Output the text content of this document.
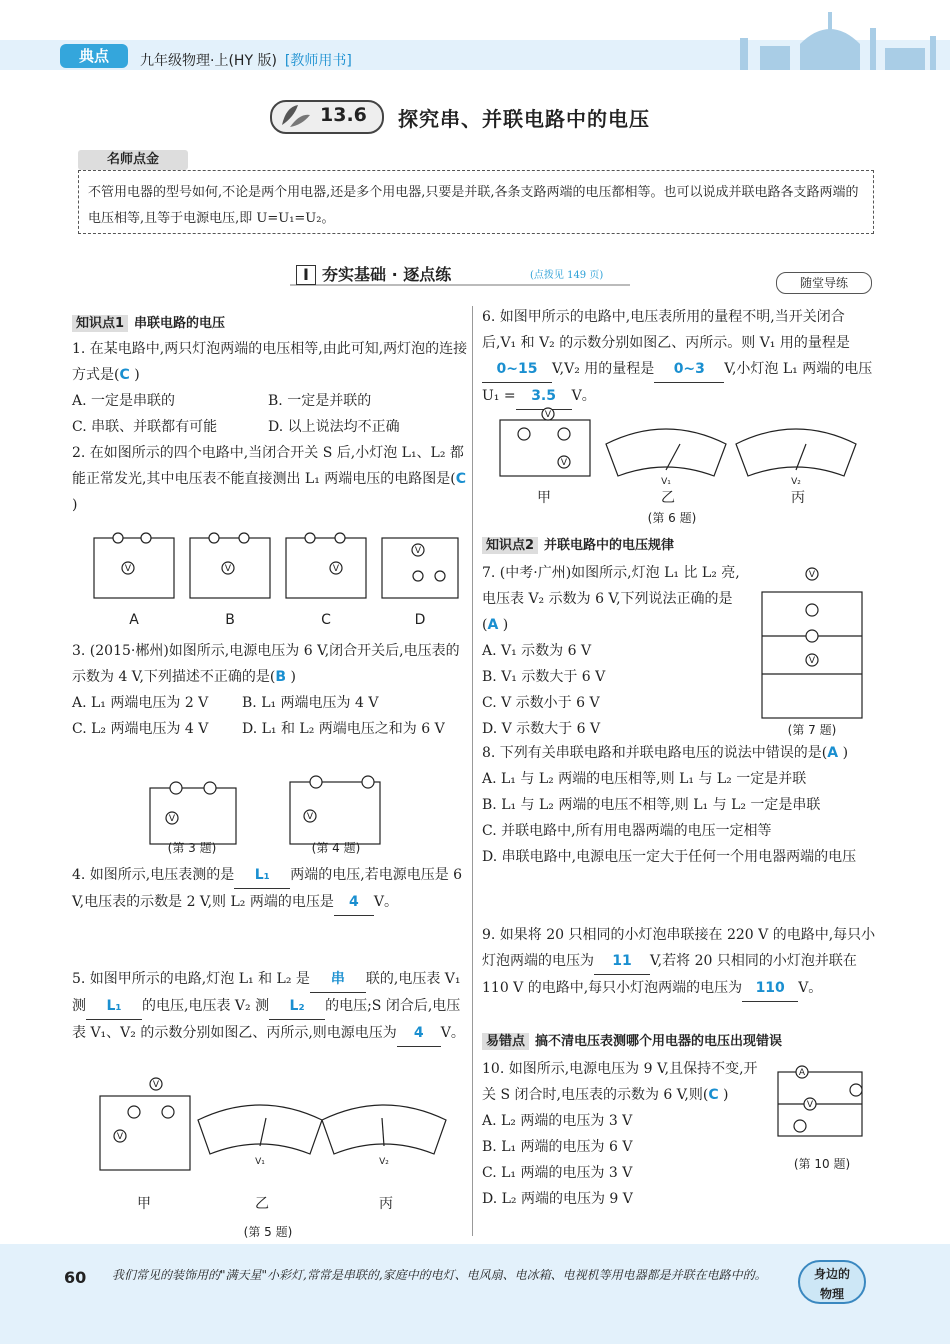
典点	九年级物理·上(HY 版) [教师用书]
13.6 探究串、并联电路中的电压
名师点金
不管用电器的型号如何,不论是两个用电器,还是多个用电器,只要是并联,各条支路两端的电压都相等。也可以说成并联电路各支路两端的电压相等,且等于电源电压,即 U=U₁=U₂。
Ⅰ 夯实基础 · 逐点练	(点拨见 149 页)
随堂导练
知识点1 串联电路的电压
1. 在某电路中,两只灯泡两端的电压相等,由此可知,两灯泡的连接方式是(C )
A. 一定是串联的	B. 一定是并联的
C. 串联、并联都有可能	D. 以上说法均不正确
2. 在如图所示的四个电路中,当闭合开关 S 后,小灯泡 L₁、L₂ 都能正常发光,其中电压表不能直接测出 L₁ 两端电压的电路图是(C )
V	V	V
V
A	B	C	D
3. (2015·郴州)如图所示,电源电压为 6 V,闭合开关后,电压表的示数为 4 V,下列描述不正确的是(B )
A. L₁ 两端电压为 2 V	B. L₁ 两端电压为 4 V
C. L₂ 两端电压为 4 V	D. L₁ 和 L₂ 两端电压之和为 6 V
V	V
(第 3 题)	(第 4 题)
4. 如图所示,电压表测的是 L₁ 两端的电压,若电源电压是 6 V,电压表的示数是 2 V,则 L₂ 两端的电压是 4 V。
5. 如图甲所示的电路,灯泡 L₁ 和 L₂ 是 串 联的,电压表 V₁ 测 L₁ 的电压,电压表 V₂ 测 L₂ 的电压;S 闭合后,电压表 V₁、V₂ 的示数分别如图乙、丙所示,则电源电压为 4 V。
V
V
V₁	V₂
甲	乙	丙
(第 5 题)
6. 如图甲所示的电路中,电压表所用的量程不明,当开关闭合后,V₁ 和 V₂ 的示数分别如图乙、丙所示。则 V₁ 用的量程是0~15 V,V₂ 用的量程是 0~3 V,小灯泡 L₁ 两端的电压 U₁ = 3.5 V。
V
V
V₁	V₂
甲	乙	丙
(第 6 题)
知识点2 并联电路中的电压规律
7. (中考·广州)如图所示,灯泡 L₁ 比 L₂ 亮,电压表 V₂ 示数为 6 V,下列说法正确的是(A )
A. V₁ 示数为 6 V
B. V₁ 示数大于 6 V
C. V 示数小于 6 V
D. V 示数大于 6 V
V
V
(第 7 题)
8. 下列有关串联电路和并联电路电压的说法中错误的是(A )
A. L₁ 与 L₂ 两端的电压相等,则 L₁ 与 L₂ 一定是并联
B. L₁ 与 L₂ 两端的电压不相等,则 L₁ 与 L₂ 一定是串联
C. 并联电路中,所有用电器两端的电压一定相等
D. 串联电路中,电源电压一定大于任何一个用电器两端的电压
9. 如果将 20 只相同的小灯泡串联接在 220 V 的电路中,每只小灯泡两端的电压为 11 V,若将 20 只相同的小灯泡并联在 110 V 的电路中,每只小灯泡两端的电压为 110 V。
易错点 搞不清电压表测哪个用电器的电压出现错误
10. 如图所示,电源电压为 9 V,且保持不变,开关 S 闭合时,电压表的示数为 6 V,则(C )
A. L₂ 两端的电压为 3 V
B. L₁ 两端的电压为 6 V
C. L₁ 两端的电压为 3 V
D. L₂ 两端的电压为 9 V
A
V
(第 10 题)
60 我们常见的装饰用的"满天星"小彩灯,常常是串联的,家庭中的电灯、电风扇、电冰箱、电视机等用电器都是并联在电路中的。	身边的
物理
